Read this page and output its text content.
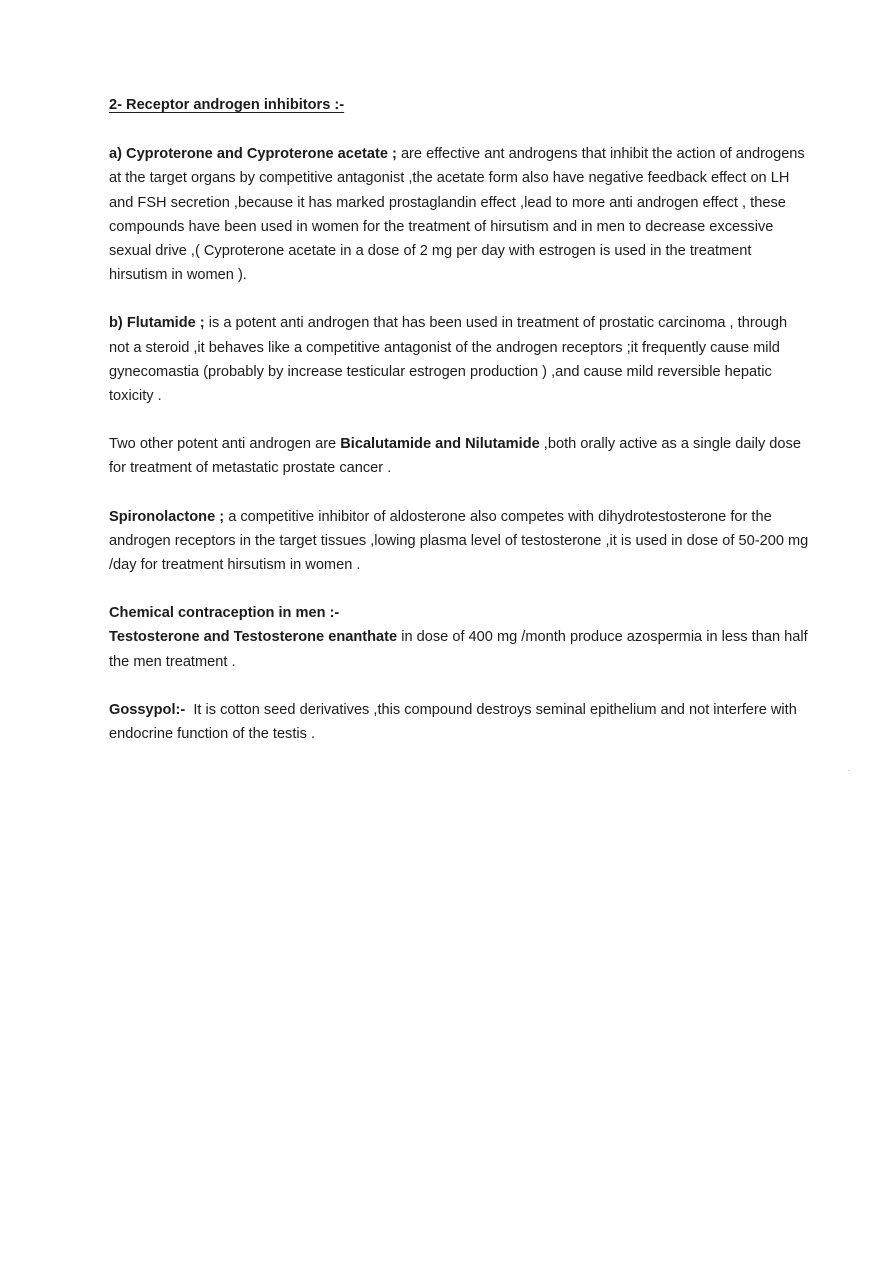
2- Receptor androgen inhibitors :-

a) Cyproterone and Cyproterone acetate ; are effective ant androgens that inhibit the action of androgens at the target organs by competitive antagonist ,the acetate form also have negative feedback effect on LH and FSH secretion ,because it has marked prostaglandin effect ,lead to more anti androgen effect , these compounds have been used in women for the treatment of hirsutism and in men to decrease excessive sexual drive ,( Cyproterone acetate in a dose of 2 mg per day with estrogen is used in the treatment hirsutism in women ).

b) Flutamide ; is a potent anti androgen that has been used in treatment of prostatic carcinoma , through not a steroid ,it behaves like a competitive antagonist of the androgen receptors ;it frequently cause mild gynecomastia (probably by increase testicular estrogen production ) ,and cause mild reversible hepatic toxicity .

Two other potent anti androgen are Bicalutamide and Nilutamide ,both orally active as a single daily dose for treatment of metastatic prostate cancer .

Spironolactone ; a competitive inhibitor of aldosterone also competes with dihydrotestosterone for the androgen receptors in the target tissues ,lowing plasma level of testosterone ,it is used in dose of 50-200 mg /day for treatment hirsutism in women .

Chemical contraception in men :-

Testosterone and Testosterone enanthate in dose of 400 mg /month produce azospermia in less than half the men treatment .

Gossypol:-  It is cotton seed derivatives ,this compound destroys seminal epithelium and not interfere with endocrine function of the testis .
